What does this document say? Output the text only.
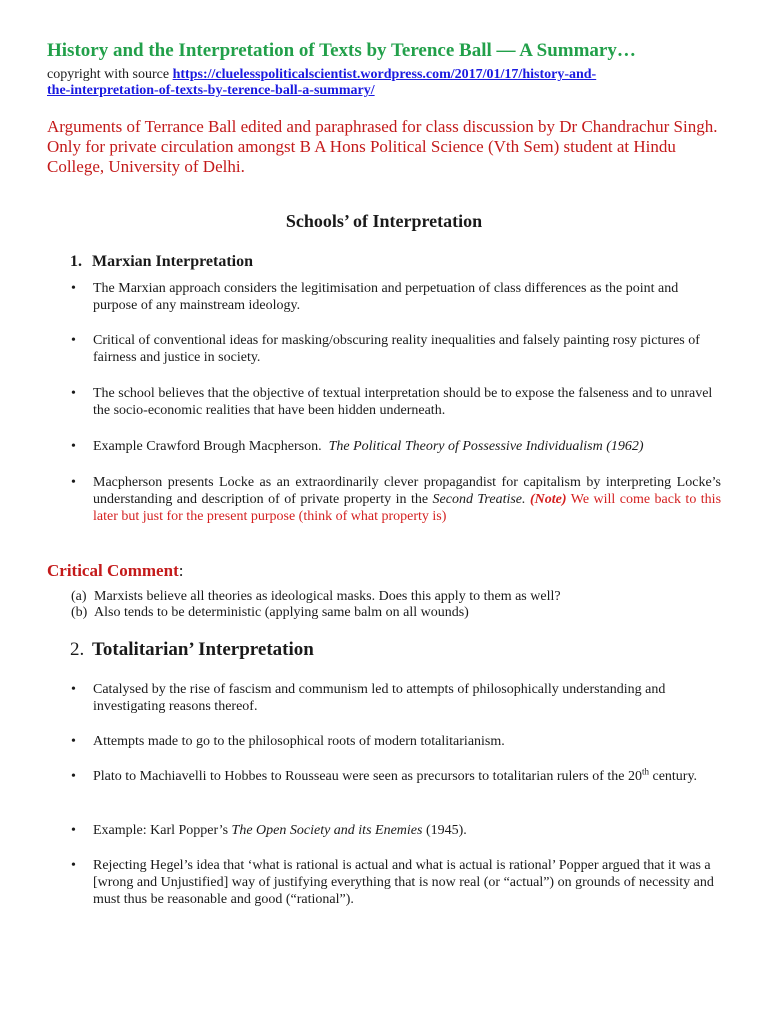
History and the Interpretation of Texts by Terence Ball — A Summary…
copyright with source https://cluelesspoliticalscientist.wordpress.com/2017/01/17/history-and-
the-interpretation-of-texts-by-terence-ball-a-summary/

Arguments of Terrance Ball edited and paraphrased for class discussion by Dr Chandrachur Singh. Only for private circulation amongst B A Hons Political Science (Vth Sem) student at Hindu College, University of Delhi.

Schools’ of Interpretation
1. Marxian Interpretation
• The Marxian approach considers the legitimisation and perpetuation of class differences as the point and purpose of any mainstream ideology.
• Critical of conventional ideas for masking/obscuring reality inequalities and falsely painting rosy pictures of fairness and justice in society.
• The school believes that the objective of textual interpretation should be to expose the falseness and to unravel the socio-economic realities that have been hidden underneath.
• Example Crawford Brough Macpherson. The Political Theory of Possessive Individualism (1962)
• Macpherson presents Locke as an extraordinarily clever propagandist for capitalism by interpreting Locke’s understanding and description of of private property in the Second Treatise. (Note) We will come back to this later but just for the present purpose (think of what property is)
Critical Comment:
(a) Marxists believe all theories as ideological masks. Does this apply to them as well?
(b) Also tends to be deterministic (applying same balm on all wounds)
2. Totalitarian’ Interpretation
• Catalysed by the rise of fascism and communism led to attempts of philosophically understanding and investigating reasons thereof.
• Attempts made to go to the philosophical roots of modern totalitarianism.
• Plato to Machiavelli to Hobbes to Rousseau were seen as precursors to totalitarian rulers of the 20th century.
• Example: Karl Popper’s The Open Society and its Enemies (1945).
• Rejecting Hegel’s idea that ‘what is rational is actual and what is actual is rational’ Popper argued that it was a [wrong and Unjustified] way of justifying everything that is now real (or “actual”) on grounds of necessity and must thus be reasonable and good (“rational”).
